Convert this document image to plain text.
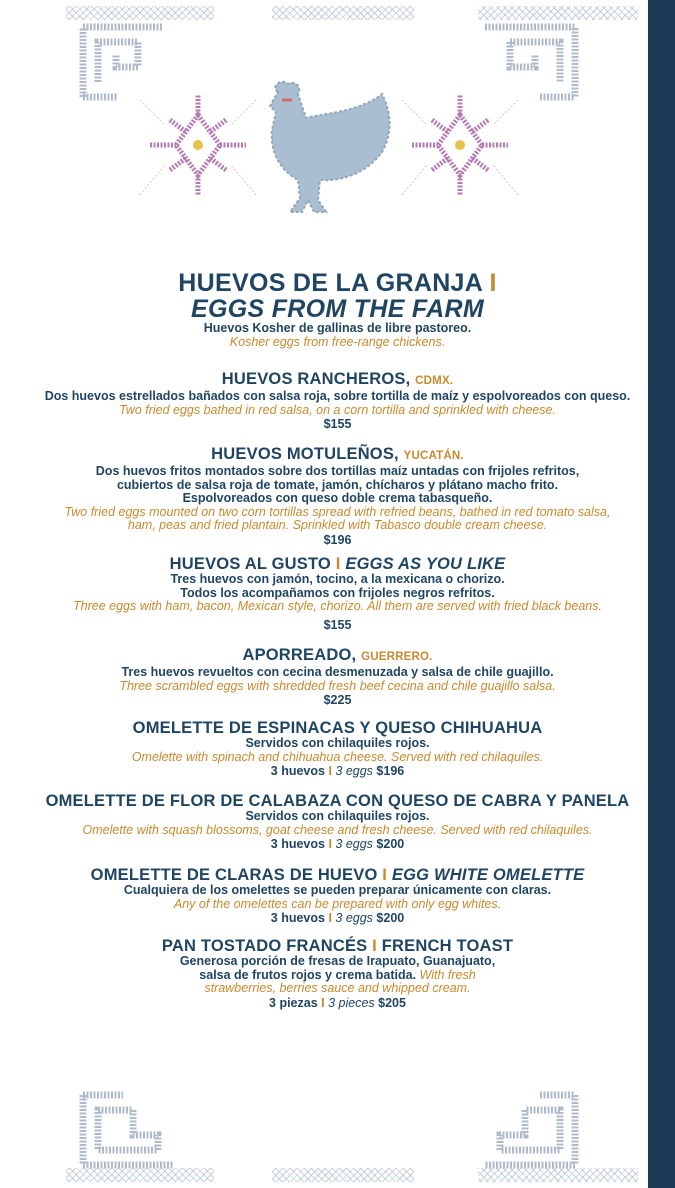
HUEVOS DE LA GRANJA I
EGGS FROM THE FARM
Huevos Kosher de gallinas de libre pastoreo.
Kosher eggs from free-range chickens.
HUEVOS RANCHEROS, CDMX.
Dos huevos estrellados bañados con salsa roja, sobre tortilla de maíz y espolvoreados con queso.
Two fried eggs bathed in red salsa, on a corn tortilla and sprinkled with cheese.
$155
HUEVOS MOTULEÑOS, YUCATÁN.
Dos huevos fritos montados sobre dos tortillas maíz untadas con frijoles refritos,
cubiertos de salsa roja de tomate, jamón, chícharos y plátano macho frito.
Espolvoreados con queso doble crema tabasqueño.
Two fried eggs mounted on two corn tortillas spread with refried beans, bathed in red tomato salsa,
ham, peas and fried plantain. Sprinkled with Tabasco double cream cheese.
$196
HUEVOS AL GUSTO I EGGS AS YOU LIKE
Tres huevos con jamón, tocino, a la mexicana o chorizo.
Todos los acompañamos con frijoles negros refritos.
Three eggs with ham, bacon, Mexican style, chorizo. All them are served with fried black beans.
$155
APORREADO, GUERRERO.
Tres huevos revueltos con cecina desmenuzada y salsa de chile guajillo.
Three scrambled eggs with shredded fresh beef cecina and chile guajillo salsa.
$225
OMELETTE DE ESPINACAS Y QUESO CHIHUAHUA
Servidos con chilaquiles rojos.
Omelette with spinach and chihuahua cheese. Served with red chilaquiles.
3 huevos I 3 eggs $196
OMELETTE DE FLOR DE CALABAZA CON QUESO DE CABRA Y PANELA
Servidos con chilaquiles rojos.
Omelette with squash blossoms, goat cheese and fresh cheese. Served with red chilaquiles.
3 huevos I 3 eggs $200
OMELETTE DE CLARAS DE HUEVO I EGG WHITE OMELETTE
Cualquiera de los omelettes se pueden preparar únicamente con claras.
Any of the omelettes can be prepared with only egg whites.
3 huevos I 3 eggs $200
PAN TOSTADO FRANCÉS I FRENCH TOAST
Generosa porción de fresas de Irapuato, Guanajuato,
salsa de frutos rojos y crema batida. With fresh
strawberries, berries sauce and whipped cream.
3 piezas I 3 pieces $205
